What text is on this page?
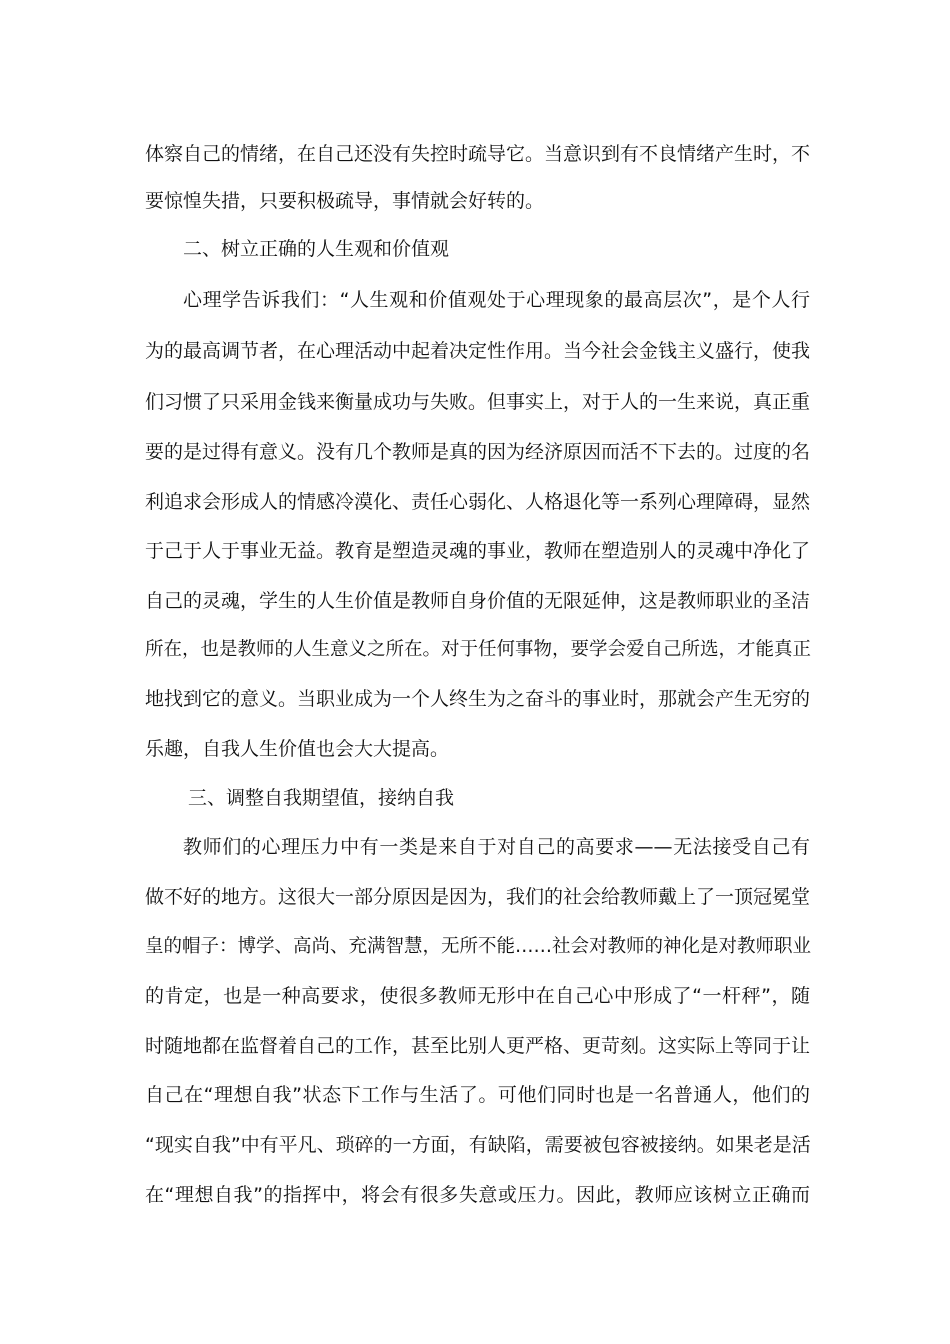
体察自己的情绪，在自己还没有失控时疏导它。当意识到有不良情绪产生时，不
要惊惶失措，只要积极疏导，事情就会好转的。
二、树立正确的人生观和价值观
心理学告诉我们：“人生观和价值观处于心理现象的最高层次”，是个人行
为的最高调节者，在心理活动中起着决定性作用。当今社会金钱主义盛行，使我
们习惯了只采用金钱来衡量成功与失败。但事实上，对于人的一生来说，真正重
要的是过得有意义。没有几个教师是真的因为经济原因而活不下去的。过度的名
利追求会形成人的情感冷漠化、责任心弱化、人格退化等一系列心理障碍，显然
于己于人于事业无益。教育是塑造灵魂的事业，教师在塑造别人的灵魂中净化了
自己的灵魂，学生的人生价值是教师自身价值的无限延伸，这是教师职业的圣洁
所在，也是教师的人生意义之所在。对于任何事物，要学会爱自己所选，才能真正
地找到它的意义。当职业成为一个人终生为之奋斗的事业时，那就会产生无穷的
乐趣，自我人生价值也会大大提高。
三、调整自我期望值，接纳自我
教师们的心理压力中有一类是来自于对自己的高要求——无法接受自己有
做不好的地方。这很大一部分原因是因为，我们的社会给教师戴上了一顶冠冕堂
皇的帽子：博学、高尚、充满智慧，无所不能……社会对教师的神化是对教师职业
的肯定，也是一种高要求，使很多教师无形中在自己心中形成了“一杆秤”，随
时随地都在监督着自己的工作，甚至比别人更严格、更苛刻。这实际上等同于让
自己在“理想自我”状态下工作与生活了。可他们同时也是一名普通人，他们的
“现实自我”中有平凡、琐碎的一方面，有缺陷，需要被包容被接纳。如果老是活
在“理想自我”的指挥中，将会有很多失意或压力。因此，教师应该树立正确而
